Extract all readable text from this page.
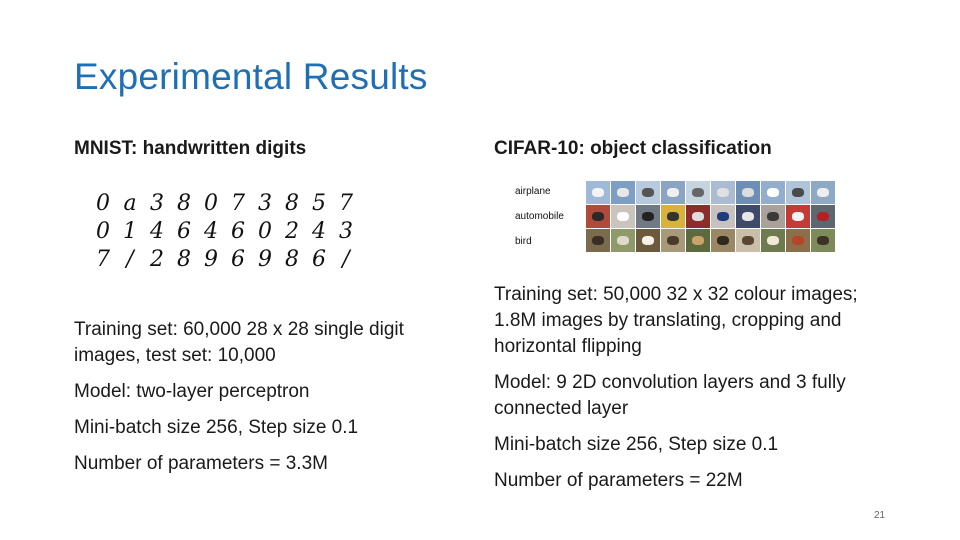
Experimental Results
MNIST: handwritten digits	CIFAR-10: object classification
0 a 3 8 0 7 3 8 5 7
0 1 4 6 4 6 0 2 4 3
7 / 2 8 9 6 9 8 6 /
airplane
automobile
bird

Training set: 60,000 28 x 28 single digit images, test set: 10,000

Model: two-layer perceptron

Mini-batch size 256, Step size 0.1

Number of parameters = 3.3M

Training set: 50,000 32 x 32 colour images; 1.8M images by translating, cropping and horizontal flipping

Model: 9 2D convolution layers and 3 fully connected layer

Mini-batch size 256, Step size 0.1

Number of parameters = 22M

21
